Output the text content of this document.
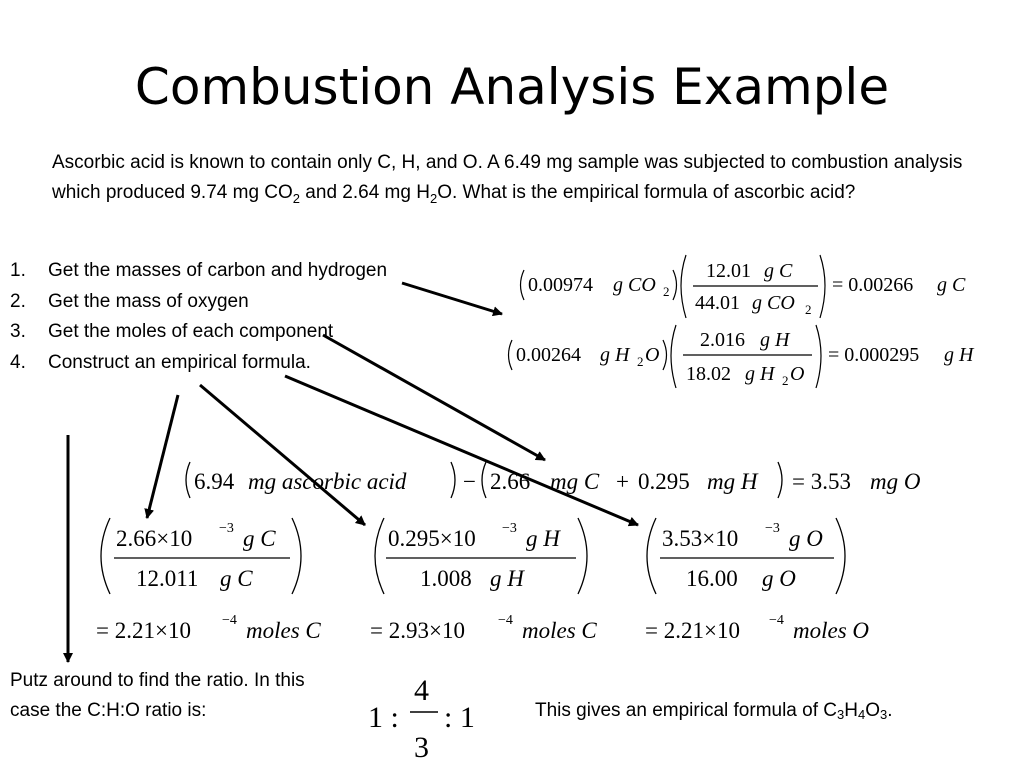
Combustion Analysis Example
Ascorbic acid is known to contain only C, H, and O. A 6.49 mg sample was subjected to combustion analysis which produced 9.74 mg $CO_2$ and 2.64 mg $H_2O$. What is the empirical formula of ascorbic acid?
1. Get the masses of carbon and hydrogen
2. Get the mass of oxygen
3. Get the moles of each component
4. Construct an empirical formula.
0.00974 g CO 2
12.01 g C
44.01 g CO 2
= 0.00266 g C
0.00264 g H 2 O
2.016 g H
18.02 g H 2 O
= 0.000295 g H
6.94 mg ascorbic acid − 2.66 mg C + 0.295 mg H = 3.53 mg O
2.66×10 −3 g C
12.011 g C
= 2.21×10 −4 moles C
0.295×10 −3 g H
1.008 g H
= 2.93×10 −4 moles C
3.53×10 −3 g O
16.00 g O
= 2.21×10 −4 moles O
1 :
4
3
: 1
Putz around to find the ratio. In this case the C:H:O ratio is:	This gives an empirical formula of $C_3H_4O_3$.
